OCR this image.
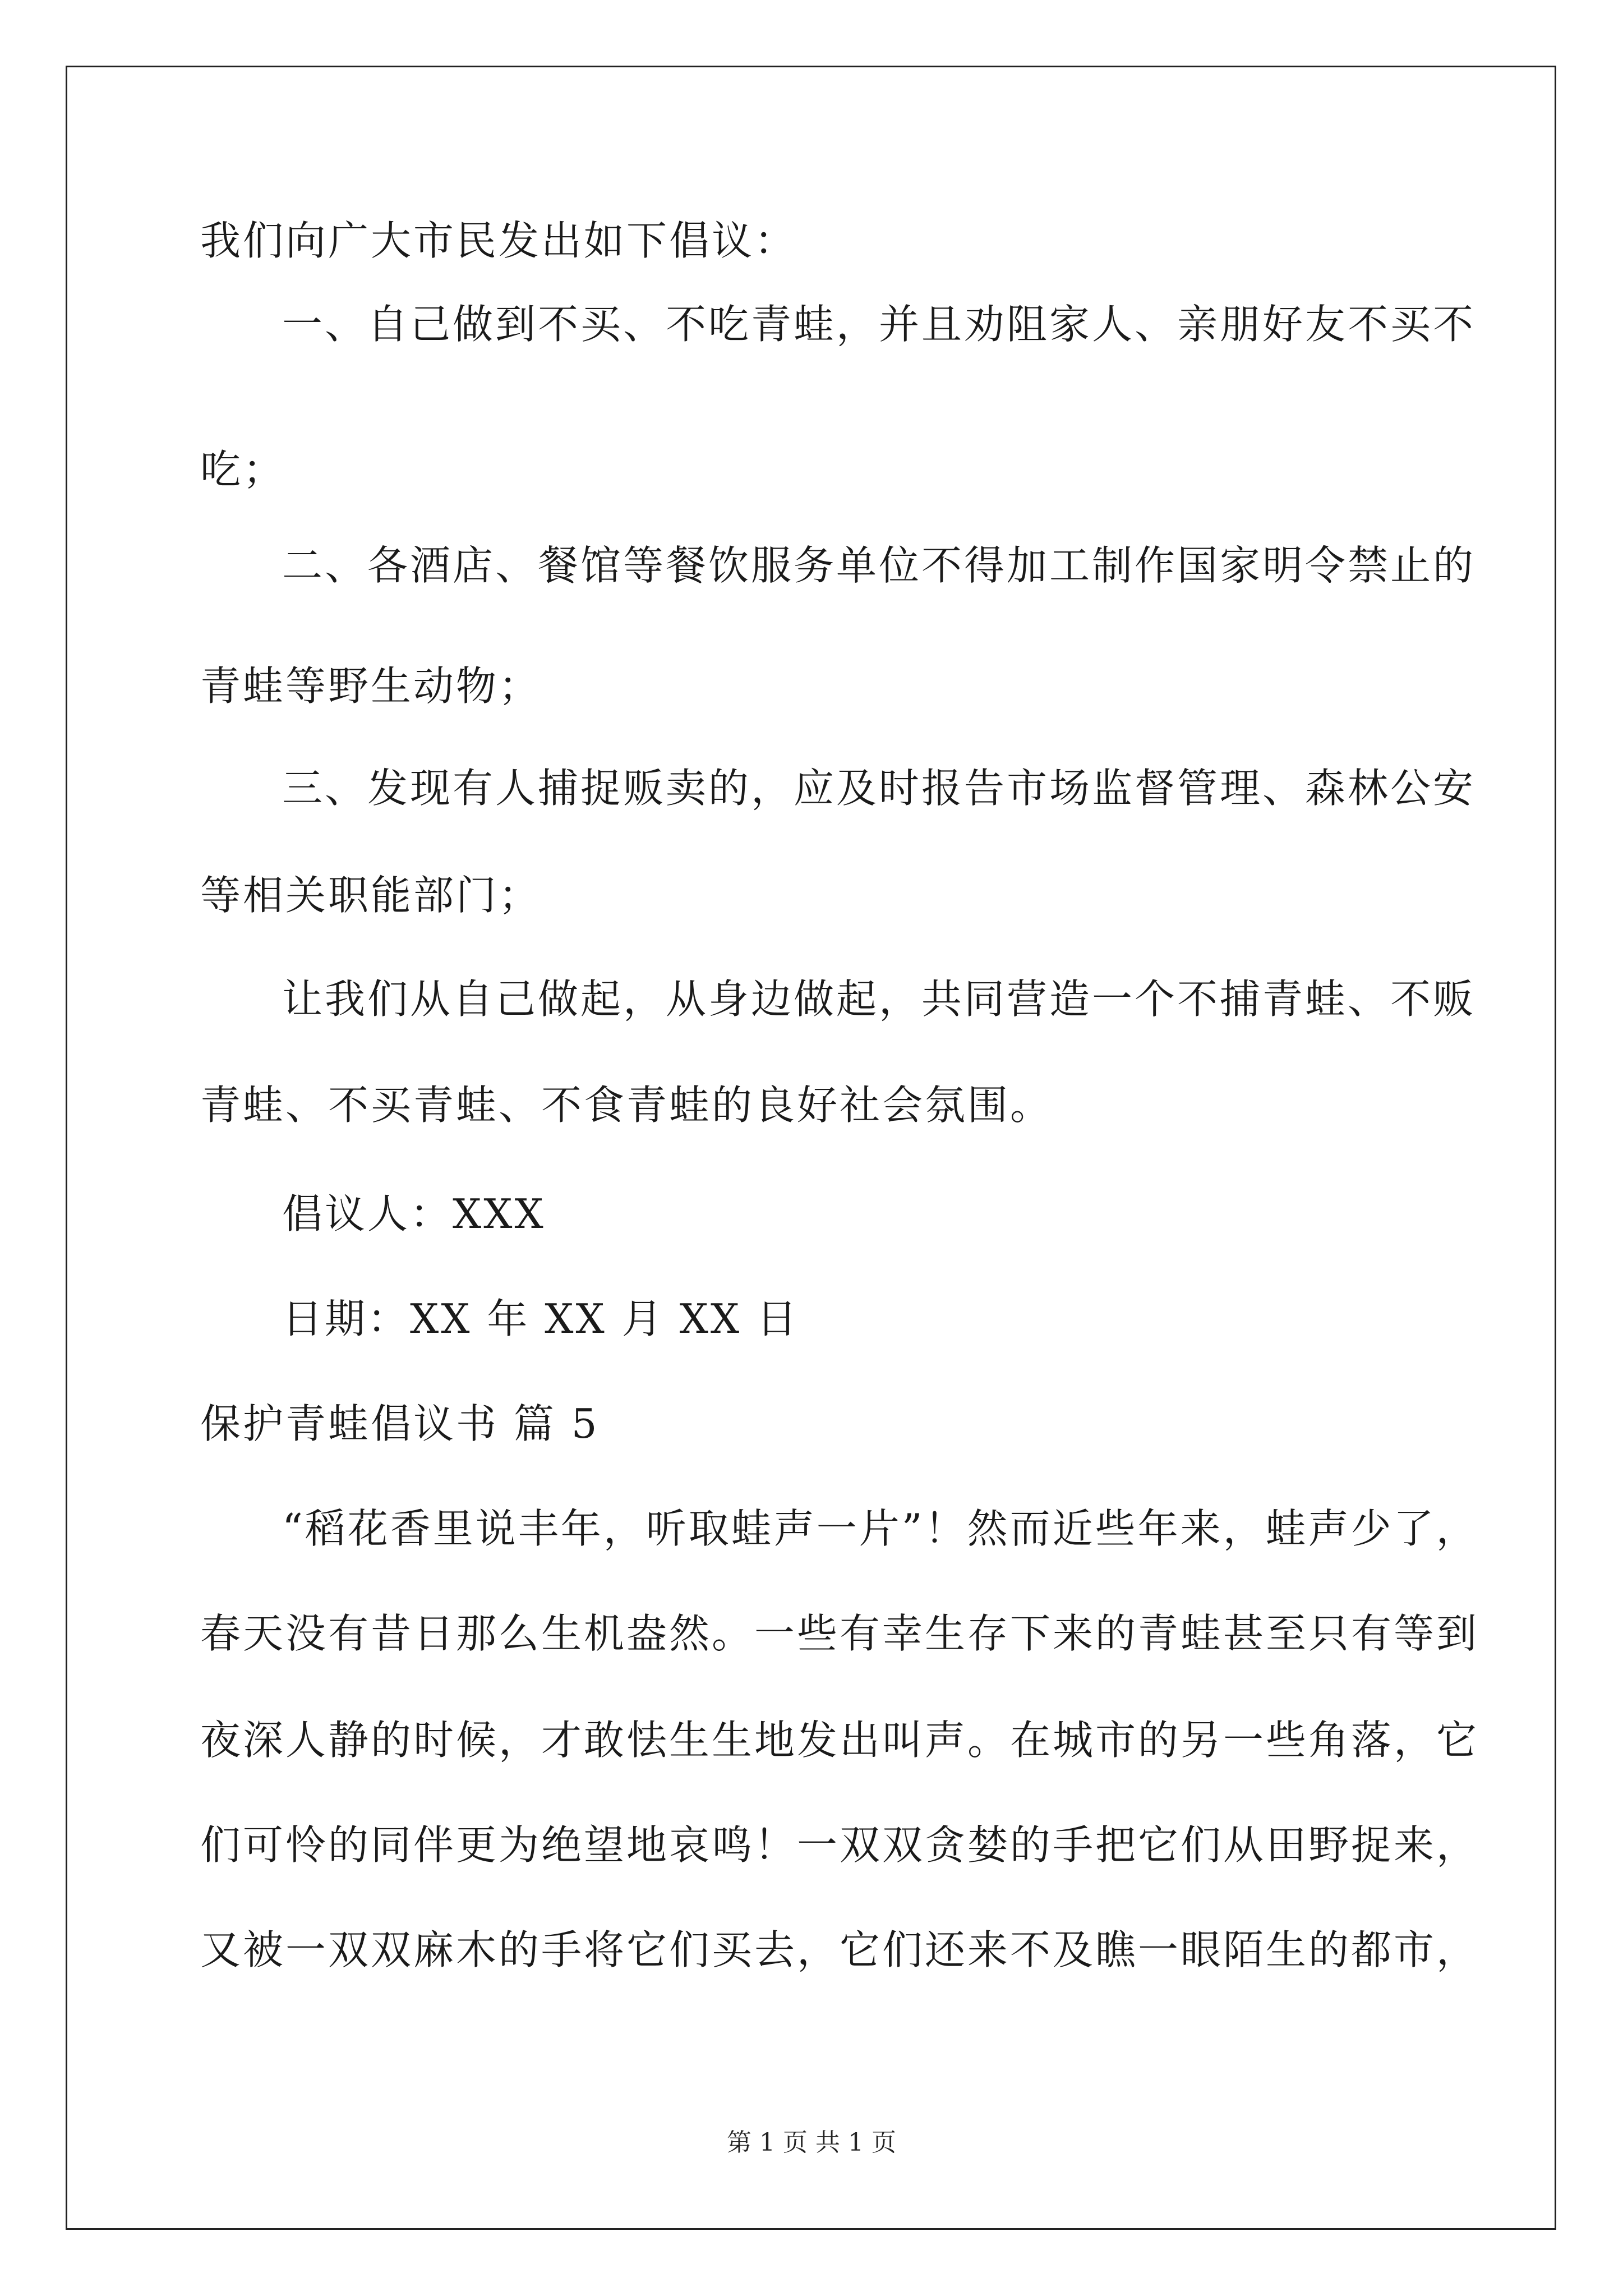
我们向广大市民发出如下倡议：
一、自己做到不买、不吃青蛙，并且劝阻家人、亲朋好友不买不
吃；
二、各酒店、餐馆等餐饮服务单位不得加工制作国家明令禁止的
青蛙等野生动物；
三、发现有人捕捉贩卖的，应及时报告市场监督管理、森林公安
等相关职能部门；
让我们从自己做起，从身边做起，共同营造一个不捕青蛙、不贩
青蛙、不买青蛙、不食青蛙的良好社会氛围。
倡议人：XXX
日期：XX 年 XX 月 XX 日
保护青蛙倡议书 篇 5
“稻花香里说丰年，听取蛙声一片”！然而近些年来，蛙声少了，
春天没有昔日那么生机盎然。一些有幸生存下来的青蛙甚至只有等到
夜深人静的时候，才敢怯生生地发出叫声。在城市的另一些角落，它
们可怜的同伴更为绝望地哀鸣！一双双贪婪的手把它们从田野捉来，
又被一双双麻木的手将它们买去，它们还来不及瞧一眼陌生的都市，
第 1 页 共 1 页
